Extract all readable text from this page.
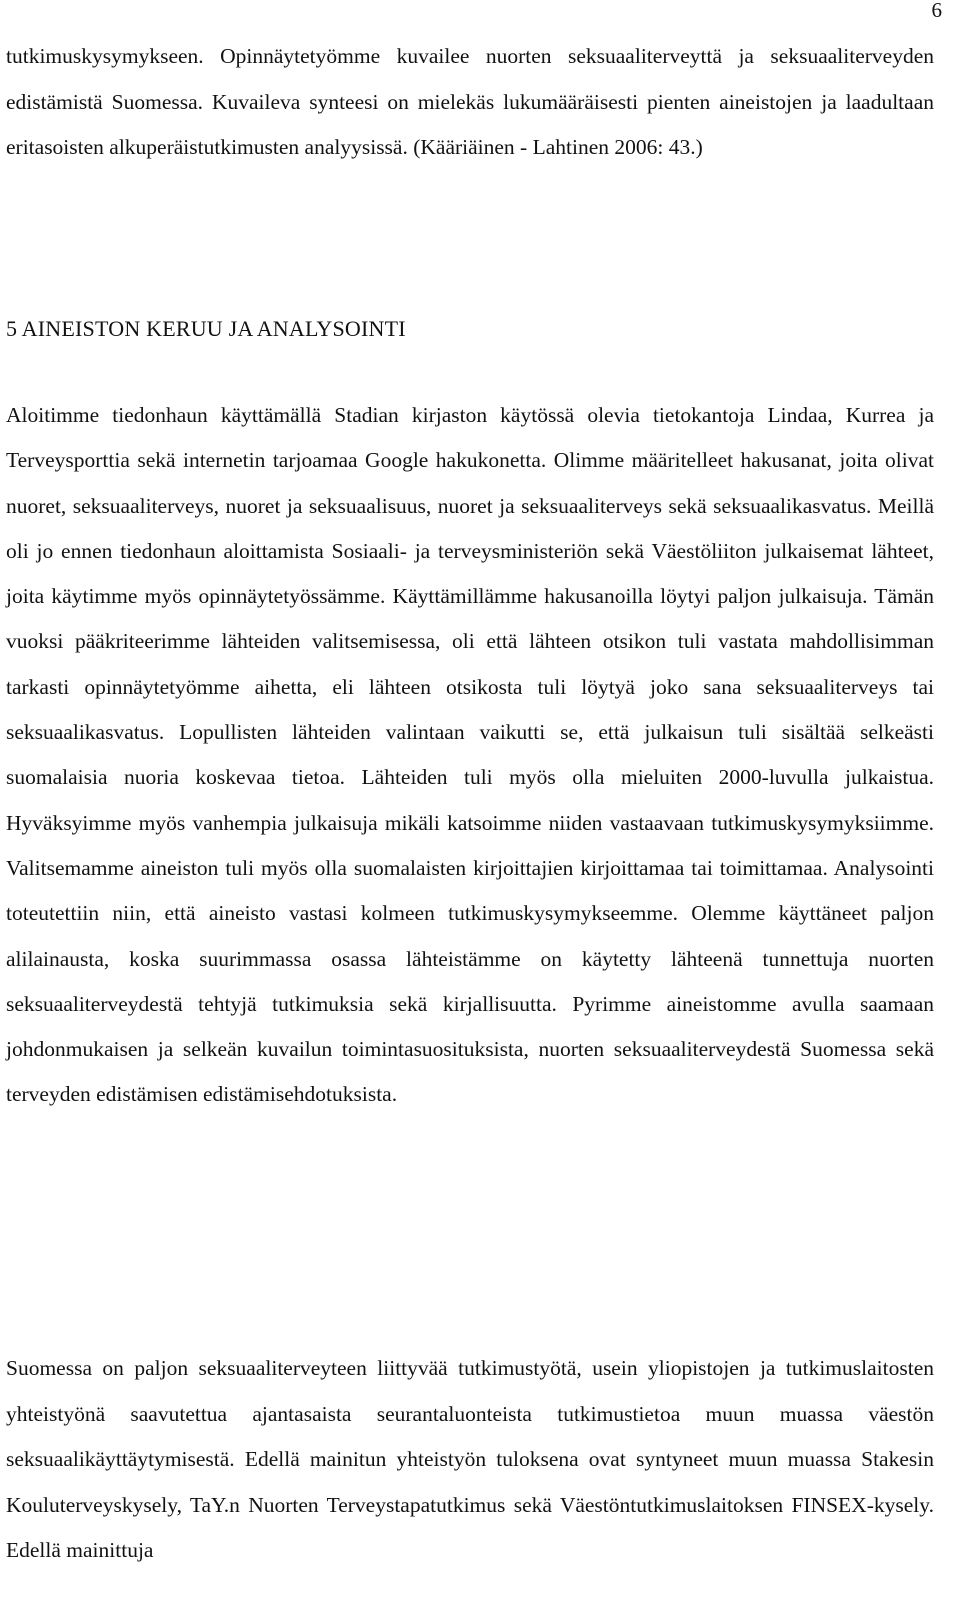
6

tutkimuskysymykseen. Opinnäytetyömme kuvailee nuorten seksuaaliterveyttä ja seksuaaliterveyden edistämistä Suomessa. Kuvaileva synteesi on mielekäs lukumääräisesti pienten aineistojen ja laadultaan eritasoisten alkuperäistutkimusten analyysissä. (Kääriäinen - Lahtinen 2006: 43.)

5 AINEISTON KERUU JA ANALYSOINTI

Aloitimme tiedonhaun käyttämällä Stadian kirjaston käytössä olevia tietokantoja Lindaa, Kurrea ja Terveysporttia sekä internetin tarjoamaa Google hakukonetta. Olimme määritelleet hakusanat, joita olivat nuoret, seksuaaliterveys, nuoret ja seksuaalisuus, nuoret ja seksuaaliterveys sekä seksuaalikasvatus. Meillä oli jo ennen tiedonhaun aloittamista Sosiaali- ja terveysministeriön sekä Väestöliiton julkaisemat lähteet, joita käytimme myös opinnäytetyössämme. Käyttämillämme hakusanoilla löytyi paljon julkaisuja. Tämän vuoksi pääkriteerimme lähteiden valitsemisessa, oli että lähteen otsikon tuli vastata mahdollisimman tarkasti opinnäytetyömme aihetta, eli lähteen otsikosta tuli löytyä joko sana seksuaaliterveys tai seksuaalikasvatus. Lopullisten lähteiden valintaan vaikutti se, että julkaisun tuli sisältää selkeästi suomalaisia nuoria koskevaa tietoa. Lähteiden tuli myös olla mieluiten 2000-luvulla julkaistua. Hyväksyimme myös vanhempia julkaisuja mikäli katsoimme niiden vastaavaan tutkimuskysymyksiimme. Valitsemamme aineiston tuli myös olla suomalaisten kirjoittajien kirjoittamaa tai toimittamaa. Analysointi toteutettiin niin, että aineisto vastasi kolmeen tutkimuskysymykseemme. Olemme käyttäneet paljon alilainausta, koska suurimmassa osassa lähteistämme on käytetty lähteenä tunnettuja nuorten seksuaaliterveydestä tehtyjä tutkimuksia sekä kirjallisuutta. Pyrimme aineistomme avulla saamaan johdonmukaisen ja selkeän kuvailun toimintasuosituksista, nuorten seksuaaliterveydestä Suomessa sekä terveyden edistämisen edistämisehdotuksista.

Suomessa on paljon seksuaaliterveyteen liittyvää tutkimustyötä, usein yliopistojen ja tutkimuslaitosten yhteistyönä saavutettua ajantasaista seurantaluonteista tutkimustietoa muun muassa väestön seksuaalikäyttäytymisestä. Edellä mainitun yhteistyön tuloksena ovat syntyneet muun muassa Stakesin Kouluterveyskysely, TaY.n Nuorten Terveystapatutkimus sekä Väestöntutkimuslaitoksen FINSEX-kysely. Edellä mainittuja
